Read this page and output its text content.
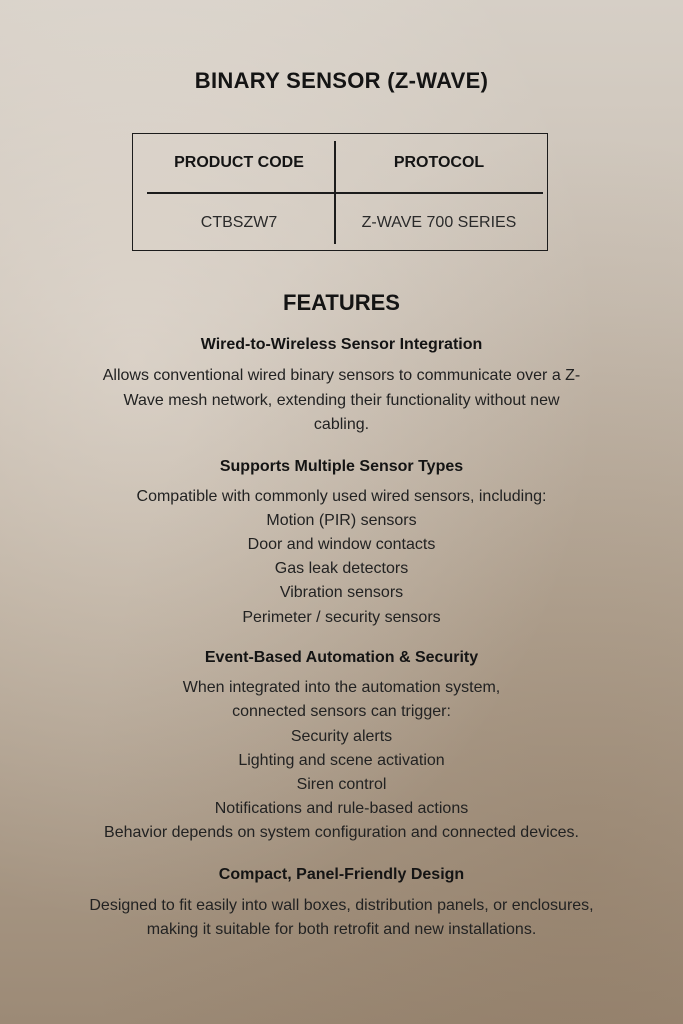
BINARY SENSOR (Z-WAVE)
PRODUCT CODE	PROTOCOL
CTBSZW7	Z-WAVE 700 SERIES
FEATURES
Wired-to-Wireless Sensor Integration
Allows conventional wired binary sensors to communicate over a Z-
Wave mesh network, extending their functionality without new
cabling.
Supports Multiple Sensor Types
Compatible with commonly used wired sensors, including:
Motion (PIR) sensors
Door and window contacts
Gas leak detectors
Vibration sensors
Perimeter / security sensors
Event-Based Automation & Security
When integrated into the automation system,
connected sensors can trigger:
Security alerts
Lighting and scene activation
Siren control
Notifications and rule-based actions
Behavior depends on system configuration and connected devices.
Compact, Panel-Friendly Design
Designed to fit easily into wall boxes, distribution panels, or enclosures,
making it suitable for both retrofit and new installations.
